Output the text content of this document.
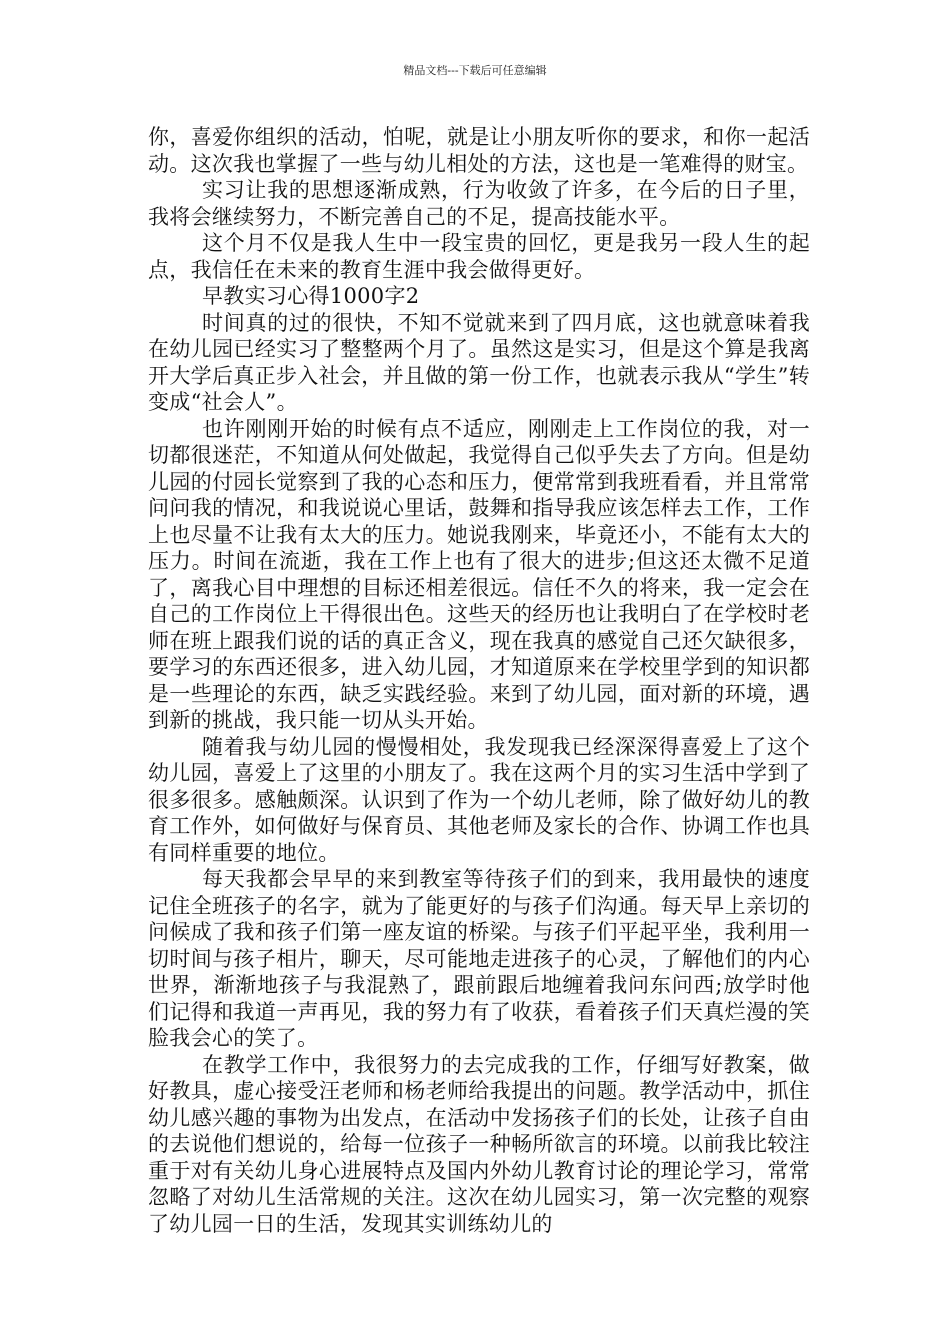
精品文档---下载后可任意编辑

你，喜爱你组织的活动，怕呢，就是让小朋友听你的要求，和你一起活动。这次我也掌握了一些与幼儿相处的方法，这也是一笔难得的财宝。

实习让我的思想逐渐成熟，行为收敛了许多，在今后的日子里，我将会继续努力，不断完善自己的不足，提高技能水平。

这个月不仅是我人生中一段宝贵的回忆，更是我另一段人生的起点，我信任在未来的教育生涯中我会做得更好。

早教实习心得1000字2

时间真的过的很快，不知不觉就来到了四月底，这也就意味着我在幼儿园已经实习了整整两个月了。虽然这是实习，但是这个算是我离开大学后真正步入社会，并且做的第一份工作，也就表示我从“学生”转变成“社会人”。

也许刚刚开始的时候有点不适应，刚刚走上工作岗位的我，对一切都很迷茫，不知道从何处做起，我觉得自己似乎失去了方向。但是幼儿园的付园长觉察到了我的心态和压力，便常常到我班看看，并且常常问问我的情况，和我说说心里话，鼓舞和指导我应该怎样去工作，工作上也尽量不让我有太大的压力。她说我刚来，毕竟还小，不能有太大的压力。时间在流逝，我在工作上也有了很大的进步;但这还太微不足道了，离我心目中理想的目标还相差很远。信任不久的将来，我一定会在自己的工作岗位上干得很出色。这些天的经历也让我明白了在学校时老师在班上跟我们说的话的真正含义，现在我真的感觉自己还欠缺很多，要学习的东西还很多，进入幼儿园，才知道原来在学校里学到的知识都是一些理论的东西，缺乏实践经验。来到了幼儿园，面对新的环境，遇到新的挑战，我只能一切从头开始。

随着我与幼儿园的慢慢相处，我发现我已经深深得喜爱上了这个幼儿园，喜爱上了这里的小朋友了。我在这两个月的实习生活中学到了很多很多。感触颇深。认识到了作为一个幼儿老师，除了做好幼儿的教育工作外，如何做好与保育员、其他老师及家长的合作、协调工作也具有同样重要的地位。

每天我都会早早的来到教室等待孩子们的到来，我用最快的速度记住全班孩子的名字，就为了能更好的与孩子们沟通。每天早上亲切的问候成了我和孩子们第一座友谊的桥梁。与孩子们平起平坐，我利用一切时间与孩子相片，聊天，尽可能地走进孩子的心灵，了解他们的内心世界，渐渐地孩子与我混熟了，跟前跟后地缠着我问东问西;放学时他们记得和我道一声再见，我的努力有了收获，看着孩子们天真烂漫的笑脸我会心的笑了。

在教学工作中，我很努力的去完成我的工作，仔细写好教案，做好教具，虚心接受汪老师和杨老师给我提出的问题。教学活动中，抓住幼儿感兴趣的事物为出发点，在活动中发扬孩子们的长处，让孩子自由的去说他们想说的，给每一位孩子一种畅所欲言的环境。以前我比较注重于对有关幼儿身心进展特点及国内外幼儿教育讨论的理论学习，常常忽略了对幼儿生活常规的关注。这次在幼儿园实习，第一次完整的观察了幼儿园一日的生活，发现其实训练幼儿的
